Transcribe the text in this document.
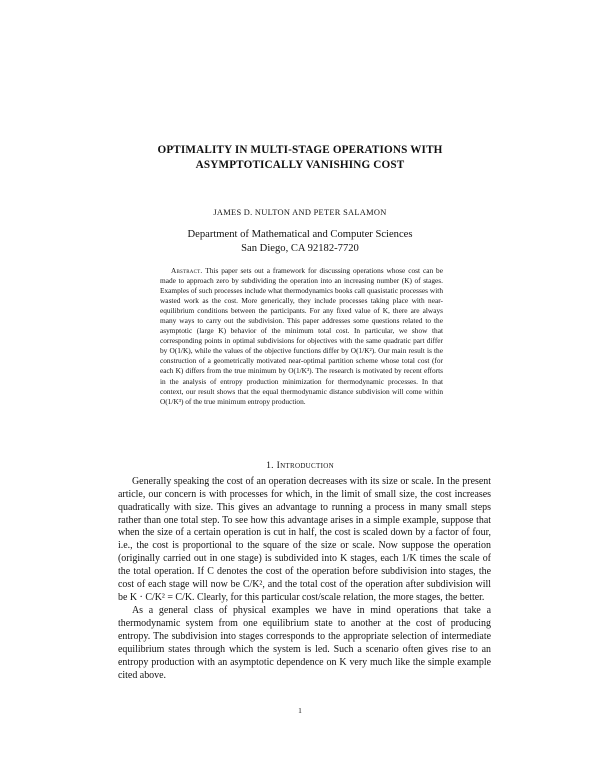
OPTIMALITY IN MULTI-STAGE OPERATIONS WITH
ASYMPTOTICALLY VANISHING COST
JAMES D. NULTON AND PETER SALAMON
Department of Mathematical and Computer Sciences
San Diego, CA 92182-7720
Abstract. This paper sets out a framework for discussing operations whose cost can be made to approach zero by subdividing the operation into an increasing number (K) of stages. Examples of such processes include what thermodynamics books call quasistatic processes with wasted work as the cost. More generically, they include processes taking place with near-equilibrium conditions between the participants. For any fixed value of K, there are always many ways to carry out the subdivision. This paper addresses some questions related to the asymptotic (large K) behavior of the minimum total cost. In particular, we show that corresponding points in optimal subdivisions for objectives with the same quadratic part differ by O(1/K), while the values of the objective functions differ by O(1/K²). Our main result is the construction of a geometrically motivated near-optimal partition scheme whose total cost (for each K) differs from the true minimum by O(1/K³). The research is motivated by recent efforts in the analysis of entropy production minimization for thermodynamic processes. In that context, our result shows that the equal thermodynamic distance subdivision will come within O(1/K³) of the true minimum entropy production.
1. Introduction

Generally speaking the cost of an operation decreases with its size or scale. In the present article, our concern is with processes for which, in the limit of small size, the cost increases quadratically with size. This gives an advantage to running a process in many small steps rather than one total step. To see how this advantage arises in a simple example, suppose that when the size of a certain operation is cut in half, the cost is scaled down by a factor of four, i.e., the cost is proportional to the square of the size or scale. Now suppose the operation (originally carried out in one stage) is subdivided into K stages, each 1/K times the scale of the total operation. If C denotes the cost of the operation before subdivision into stages, the cost of each stage will now be C/K², and the total cost of the operation after subdivision will be K · C/K² = C/K. Clearly, for this particular cost/scale relation, the more stages, the better.

As a general class of physical examples we have in mind operations that take a thermodynamic system from one equilibrium state to another at the cost of producing entropy. The subdivision into stages corresponds to the appropriate selection of intermediate equilibrium states through which the system is led. Such a scenario often gives rise to an entropy production with an asymptotic dependence on K very much like the simple example cited above.

1
